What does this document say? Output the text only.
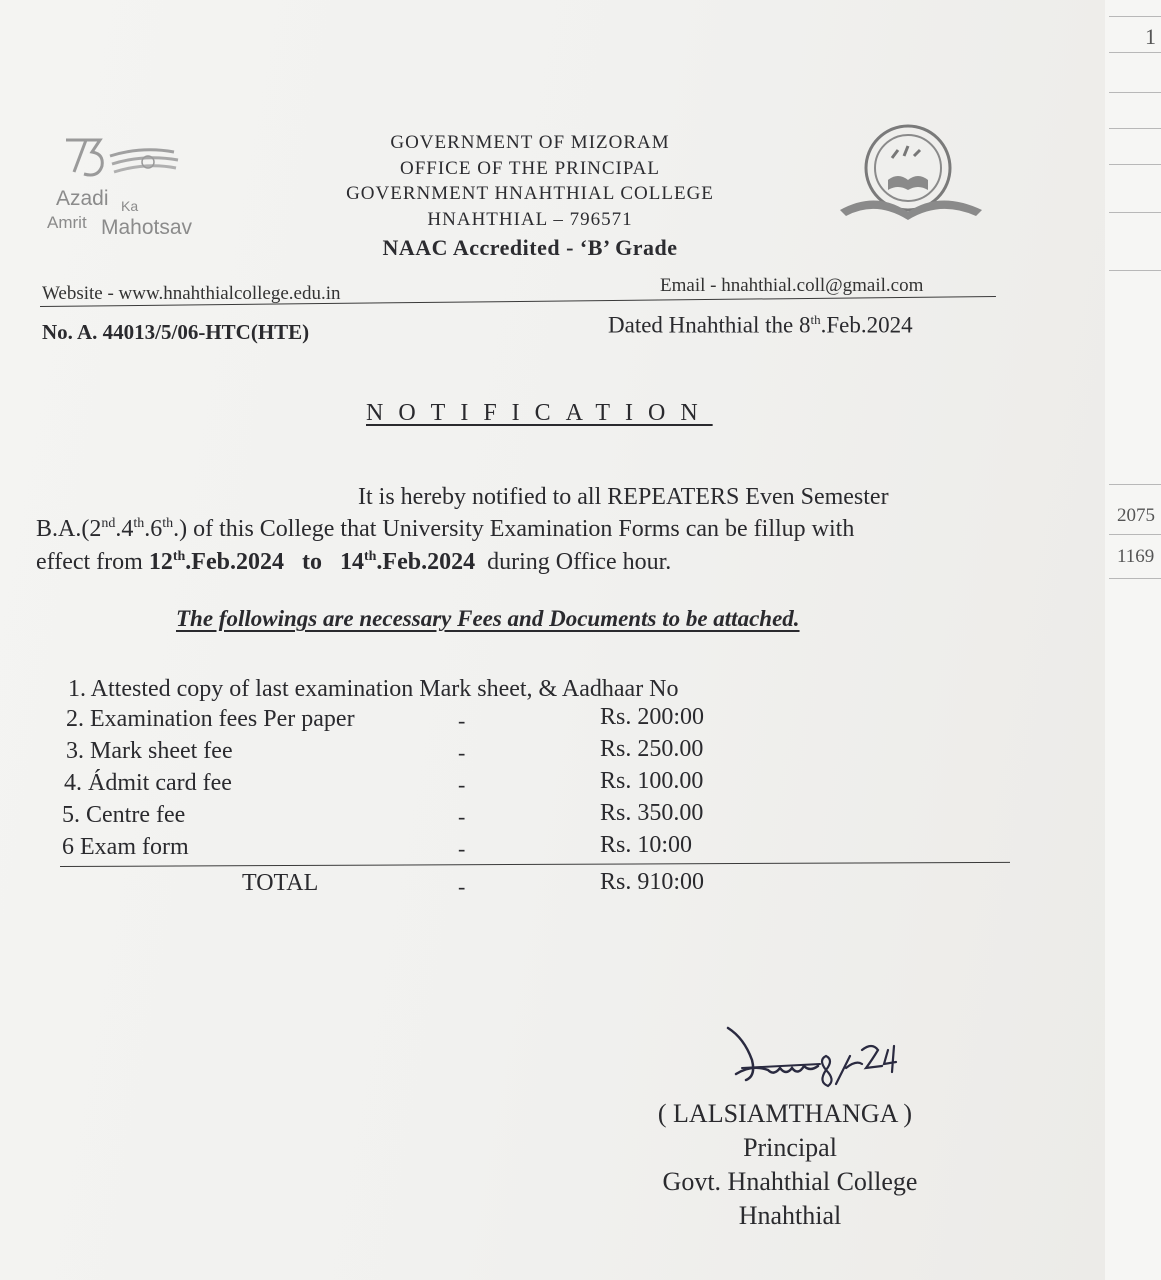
Azadi Ka
Amrit Mahotsav
GOVERNMENT OF MIZORAM
OFFICE OF THE PRINCIPAL
GOVERNMENT HNAHTHIAL COLLEGE
HNAHTHIAL – 796571
NAAC Accredited - ‘B’ Grade
Website - www.hnahthialcollege.edu.in	Email - hnahthial.coll@gmail.com
No. A. 44013/5/06-HTC(HTE)	Dated Hnahthial the 8th.Feb.2024
NOTIFICATION
It is hereby notified to all REPEATERS Even Semester
B.A.(2nd.4th.6th.) of this College that University Examination Forms can be fillup with
effect from 12th.Feb.2024 to 14th.Feb.2024 during Office hour.
The followings are necessary Fees and Documents to be attached.
1. Attested copy of last examination Mark sheet, & Aadhaar No
2. Examination fees Per paper	-	Rs. 200:00
3. Mark sheet fee	-	Rs. 250.00
4. Ádmit card fee	-	Rs. 100.00
5. Centre fee	-	Rs. 350.00
6 Exam form	-	Rs. 10:00
TOTAL	-	Rs. 910:00
( LALSIAMTHANGA )
Principal
Govt. Hnahthial College
Hnahthial
1
2075
1169
